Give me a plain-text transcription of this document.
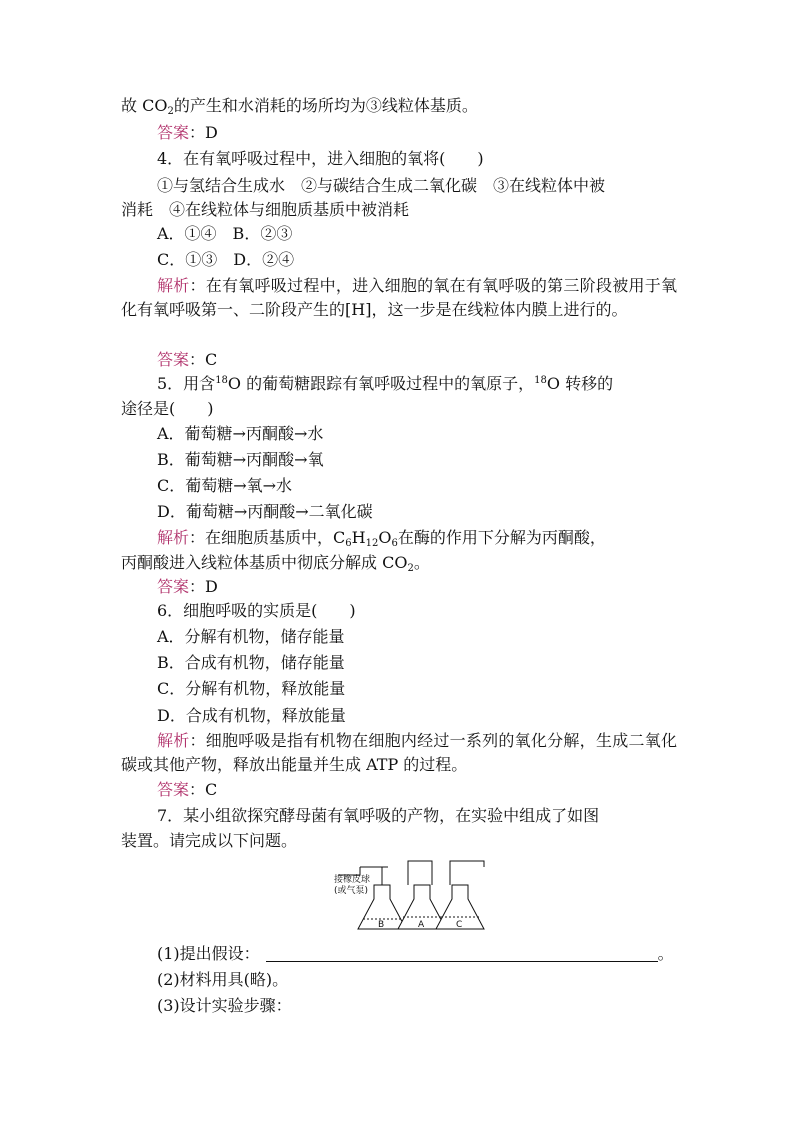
故 $CO_2$的产生和水消耗的场所均为③线粒体基质。
答案：D
4．在有氧呼吸过程中，进入细胞的氧将(　　)
①与氢结合生成水　②与碳结合生成二氧化碳　③在线粒体中被
消耗　④在线粒体与细胞质基质中被消耗
A．①④　B．②③
C．①③　D．②④
解析：在有氧呼吸过程中，进入细胞的氧在有氧呼吸的第三阶段被用于氧化有氧呼吸第一、二阶段产生的[H]，这一步是在线粒体内膜上进行的。
答案：C
5．用含$^{18}$O 的葡萄糖跟踪有氧呼吸过程中的氧原子，$^{18}$O 转移的
途径是(　　)
A．葡萄糖→丙酮酸→水
B．葡萄糖→丙酮酸→氧
C．葡萄糖→氧→水
D．葡萄糖→丙酮酸→二氧化碳
解析：在细胞质基质中，$C_6H_{12}O_6$在酶的作用下分解为丙酮酸，
丙酮酸进入线粒体基质中彻底分解成 $CO_2$。
答案：D
6．细胞呼吸的实质是(　　)
A．分解有机物，储存能量
B．合成有机物，储存能量
C．分解有机物，释放能量
D．合成有机物，释放能量
解析：细胞呼吸是指有机物在细胞内经过一系列的氧化分解，生成二氧化碳或其他产物，释放出能量并生成 ATP 的过程。
答案：C
7．某小组欲探究酵母菌有氧呼吸的产物，在实验中组成了如图
装置。请完成以下问题。
接橡皮球
(或气泵)
B	A	C
(1)提出假设：	。
(2)材料用具(略)。
(3)设计实验步骤：
